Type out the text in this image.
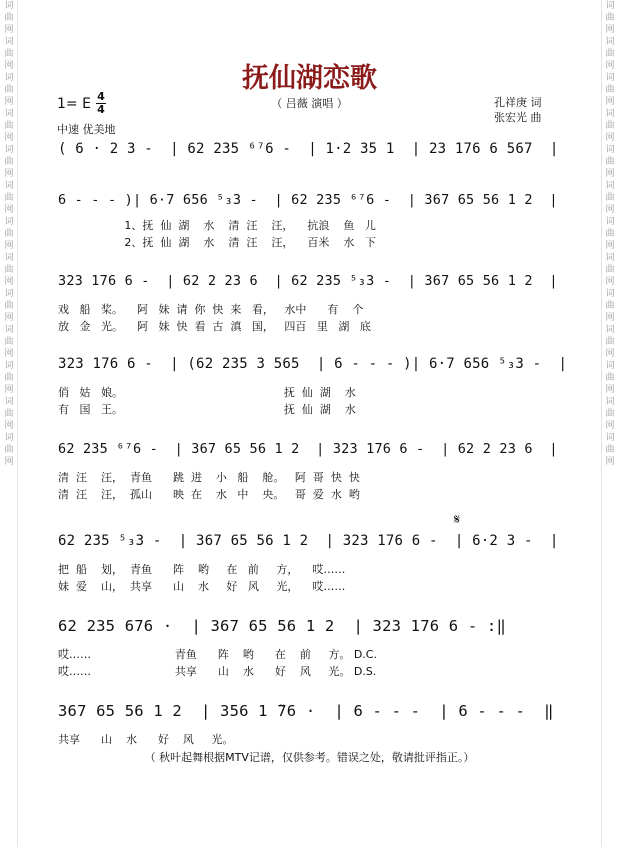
词曲网词曲网词曲网词曲网词曲网词曲网词曲网词曲网词曲网词曲网词曲网词曲网词曲网
词曲网词曲网词曲网词曲网词曲网词曲网词曲网词曲网词曲网词曲网词曲网词曲网词曲网
抚仙湖恋歌
（ 吕薇 演唱 ）
1= E 4
4
中速 优美地
孔祥庚 词
张宏光 曲
( 6 · 2 3 -  | 62 235 ⁶⁷6 -  | 1·2 35 1  | 23 176 6 567  |
6 - - - )| 6·7 656 ⁵₃3 -  | 62 235 ⁶⁷6 -  | 367 65 56 1 2  |
1、抚  仙  湖    水    清  汪    汪，    抗浪    鱼   儿
2、抚  仙  湖    水    清  汪    汪，    百米    水   下
323 176 6 -  | 62 2 23 6  | 62 235 ⁵₃3 -  | 367 65 56 1 2  |
戏   船   桨。    阿   妹  请  你  快  来   看，   水中      有    个
放   金   光。    阿   妹  快  看  古  滇   国，   四百   里   湖   底
323 176 6 -  | (62 235 3 565  | 6 - - - )| 6·7 656 ⁵₃3 -  |
俏   姑   娘。                                              抚  仙  湖    水
有   国   王。                                              抚  仙  湖    水
62 235 ⁶⁷6 -  | 367 65 56 1 2  | 323 176 6 -  | 62 2 23 6  |
清  汪    汪，  青鱼      跳  进    小   船    舱。   阿  哥  快  快
清  汪    汪，  孤山      映  在    水   中    央。   哥  爱  水  哟
𝄋
62 235 ⁵₃3 -  | 367 65 56 1 2  | 323 176 6 -  | 6·2 3 -  |
把  船    划，  青鱼      阵    哟     在   前     方，    哎……
妹  爱    山，  共享      山    水     好   风     光，    哎……
62 235 676 ·  | 367 65 56 1 2  | 323 176 6 - :‖
哎……                        青鱼      阵    哟      在    前     方。 D.C.
哎……                        共享      山    水      好    风     光。 D.S.
367 65 56 1 2  | 356 1 ̃76 ·  | 6 - - -  | 6 - - -  ‖
共享      山    水      好    风     光。
（ 秋叶起舞根据MTV记谱，仅供参考。错误之处，敬请批评指正。）
